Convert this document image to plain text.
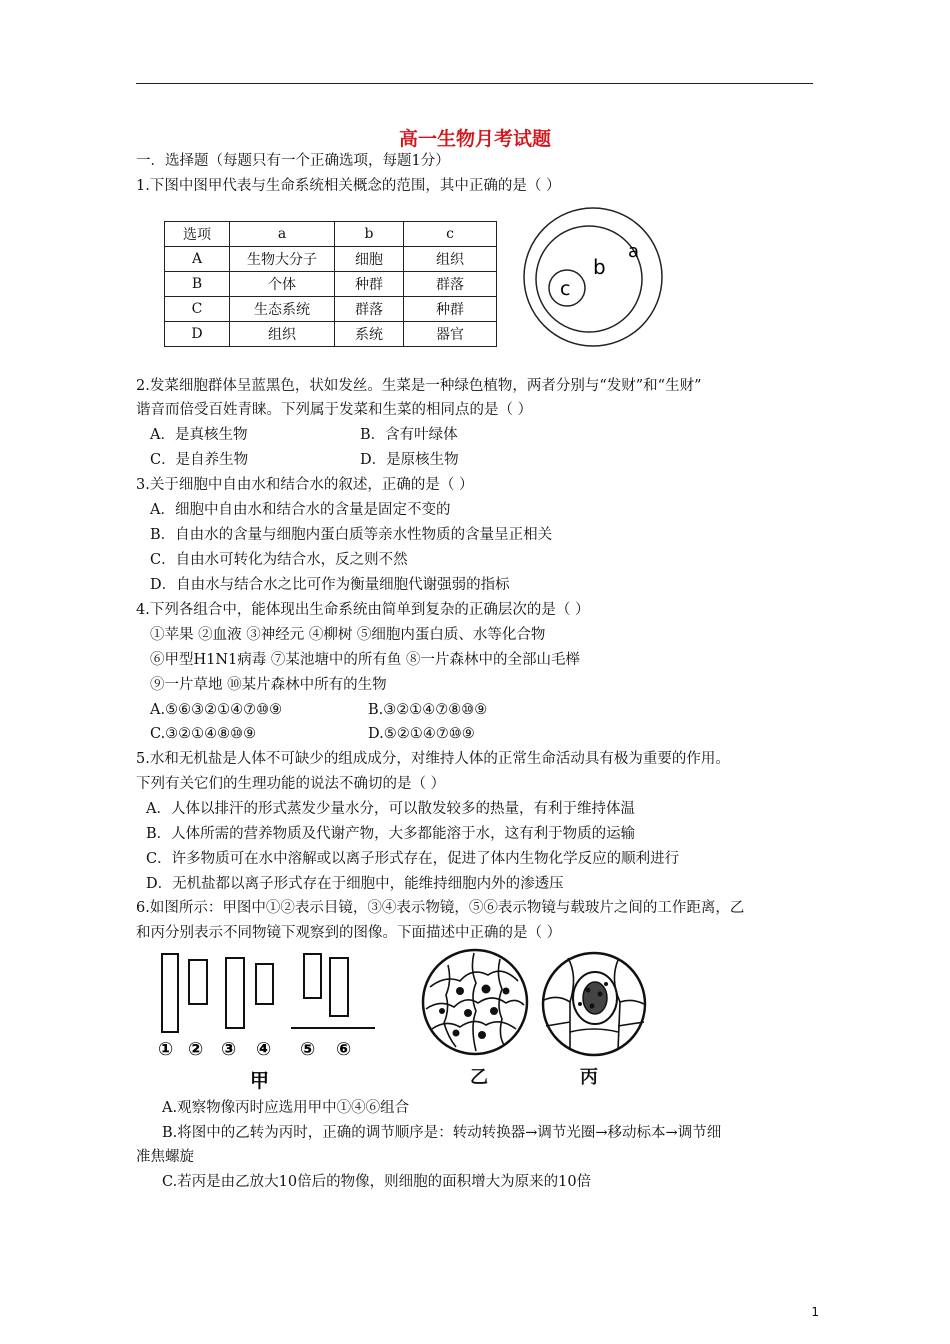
高一生物月考试题
一．选择题（每题只有一个正确选项，每题1分）
1.下图中图甲代表与生命系统相关概念的范围，其中正确的是（ ）
选项	a	b	c
A	生物大分子	细胞	组织
B	个体	种群	群落
C	生态系统	群落	种群
D	组织	系统	器官
a
b
c
2.发菜细胞群体呈蓝黑色，状如发丝。生菜是一种绿色植物，两者分别与“发财”和“生财”
谐音而倍受百姓青睐。下列属于发菜和生菜的相同点的是（ ）
A．是真核生物	B．含有叶绿体
C．是自养生物	D．是原核生物
3.关于细胞中自由水和结合水的叙述，正确的是（ ）
A．细胞中自由水和结合水的含量是固定不变的
B．自由水的含量与细胞内蛋白质等亲水性物质的含量呈正相关
C．自由水可转化为结合水，反之则不然
D．自由水与结合水之比可作为衡量细胞代谢强弱的指标
4.下列各组合中，能体现出生命系统由简单到复杂的正确层次的是（ ）
①苹果 ②血液 ③神经元 ④柳树 ⑤细胞内蛋白质、水等化合物
⑥甲型H1N1病毒 ⑦某池塘中的所有鱼 ⑧一片森林中的全部山毛榉
⑨一片草地 ⑩某片森林中所有的生物
A.⑤⑥③②①④⑦⑩⑨	B.③②①④⑦⑧⑩⑨
C.③②①④⑧⑩⑨	D.⑤②①④⑦⑩⑨
5.水和无机盐是人体不可缺少的组成成分，对维持人体的正常生命活动具有极为重要的作用。
下列有关它们的生理功能的说法不确切的是（ ）
A．人体以排汗的形式蒸发少量水分，可以散发较多的热量，有利于维持体温
B．人体所需的营养物质及代谢产物，大多都能溶于水，这有利于物质的运输
C．许多物质可在水中溶解或以离子形式存在，促进了体内生物化学反应的顺利进行
D．无机盐都以离子形式存在于细胞中，能维持细胞内外的渗透压
6.如图所示：甲图中①②表示目镜，③④表示物镜，⑤⑥表示物镜与载玻片之间的工作距离，乙
和丙分别表示不同物镜下观察到的图像。下面描述中正确的是（ ）
① ② ③ ④ ⑤ ⑥
甲	乙	丙
A.观察物像丙时应选用甲中①④⑥组合
B.将图中的乙转为丙时，正确的调节顺序是：转动转换器→调节光圈→移动标本→调节细
准焦螺旋
C.若丙是由乙放大10倍后的物像，则细胞的面积增大为原来的10倍
1
